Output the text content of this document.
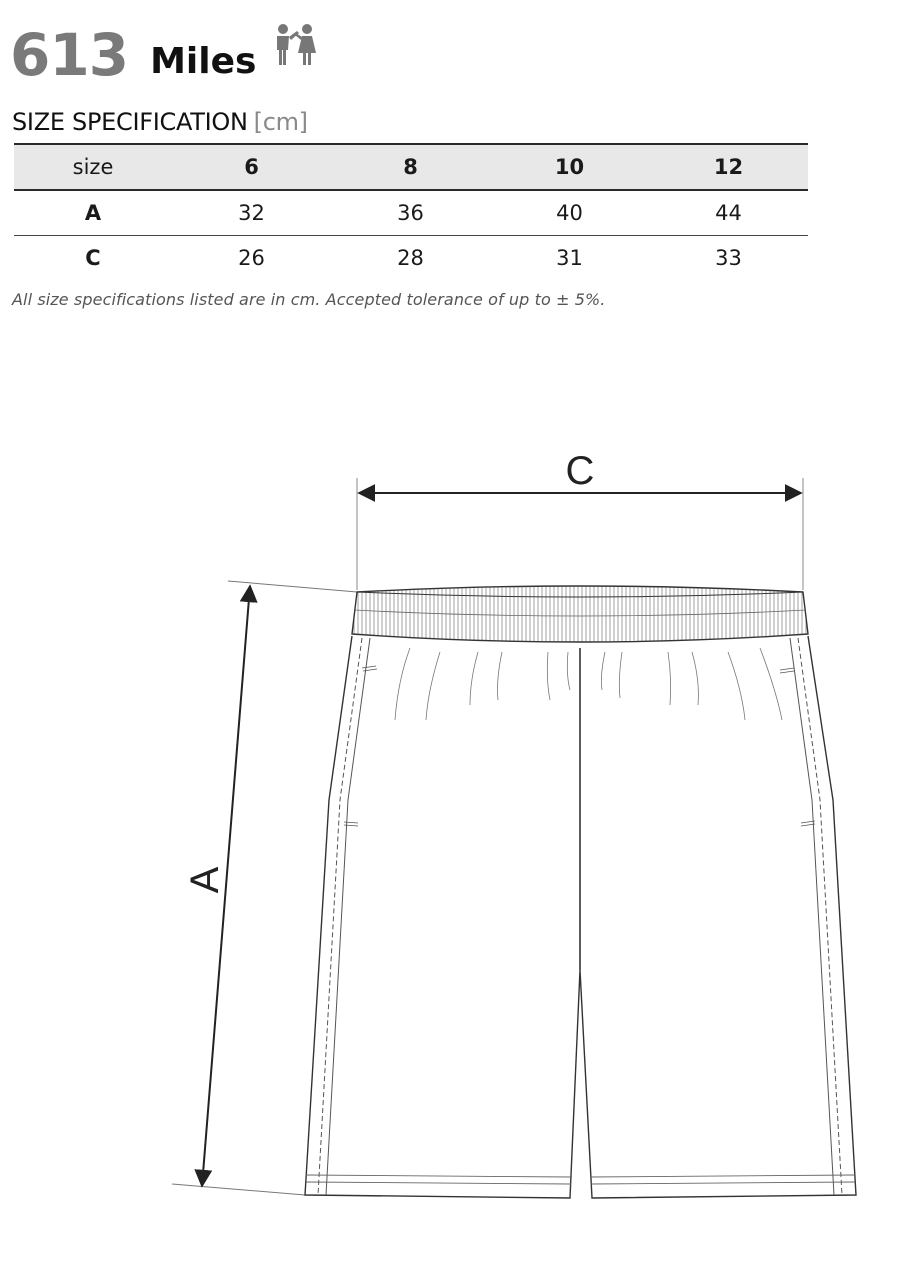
613 Miles
SIZE SPECIFICATION [cm]
size	6	8	10	12
A	32	36	40	44
C	26	28	31	33
All size specifications listed are in cm. Accepted tolerance of up to ± 5%.
C
A
